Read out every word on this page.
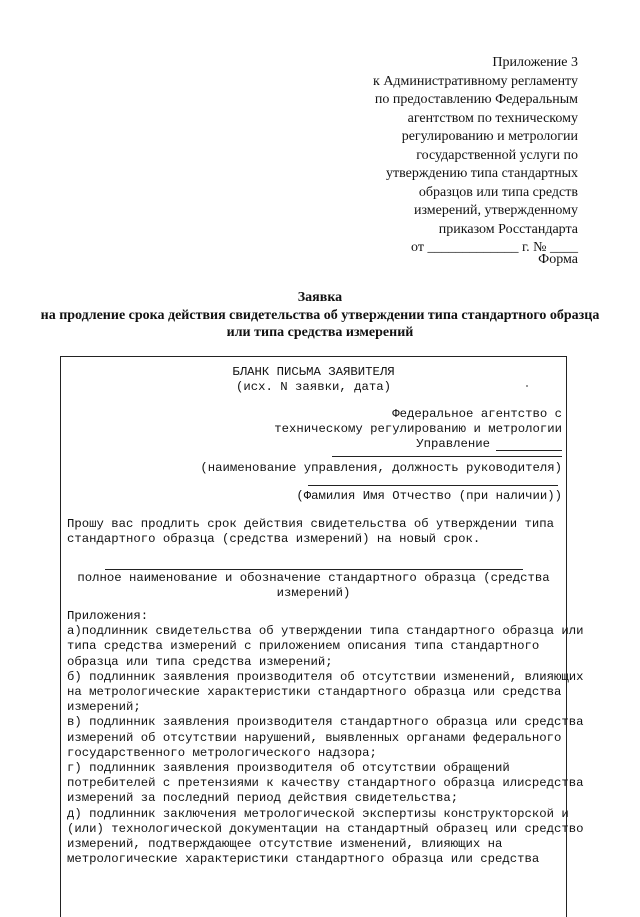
Приложение 3
к Административному регламенту
по предоставлению Федеральным
агентством по техническому
регулированию и метрологии
государственной услуги по
утверждению типа стандартных
образцов или типа средств
измерений, утвержденному
приказом Росстандарта
от _____________ г. № ____
Форма
Заявка
на продление срока действия свидетельства об утверждении типа стандартного образца
или типа средства измерений
БЛАНК ПИСЬМА ЗАЯВИТЕЛЯ
(исх. N заявки, дата)
Федеральное агентство с
техническому регулированию и метрологии
Управление
(наименование управления, должность руководителя)
(Фамилия Имя Отчество (при наличии))
Прошу вас продлить срок действия свидетельства об утверждении типа
стандартного образца (средства измерений) на новый срок.
полное наименование и обозначение стандартного образца (средства
измерений)
Приложения:
а)подлинник свидетельства об утверждении типа стандартного образца или
типа средства измерений с приложением описания типа стандартного
образца или типа средства измерений;
б) подлинник заявления производителя об отсутствии изменений, влияющих
на метрологические характеристики стандартного образца или средства
измерений;
в) подлинник заявления производителя стандартного образца или средства
измерений об отсутствии нарушений, выявленных органами федерального
государственного метрологического надзора;
г) подлинник заявления производителя об отсутствии обращений
потребителей с претензиями к качеству стандартного образца илисредства
измерений за последний период действия свидетельства;
д) подлинник заключения метрологической экспертизы конструкторской и
(или) технологической документации на стандартный образец или средство
измерений, подтверждающее отсутствие изменений, влияющих на
метрологические характеристики стандартного образца или средства
